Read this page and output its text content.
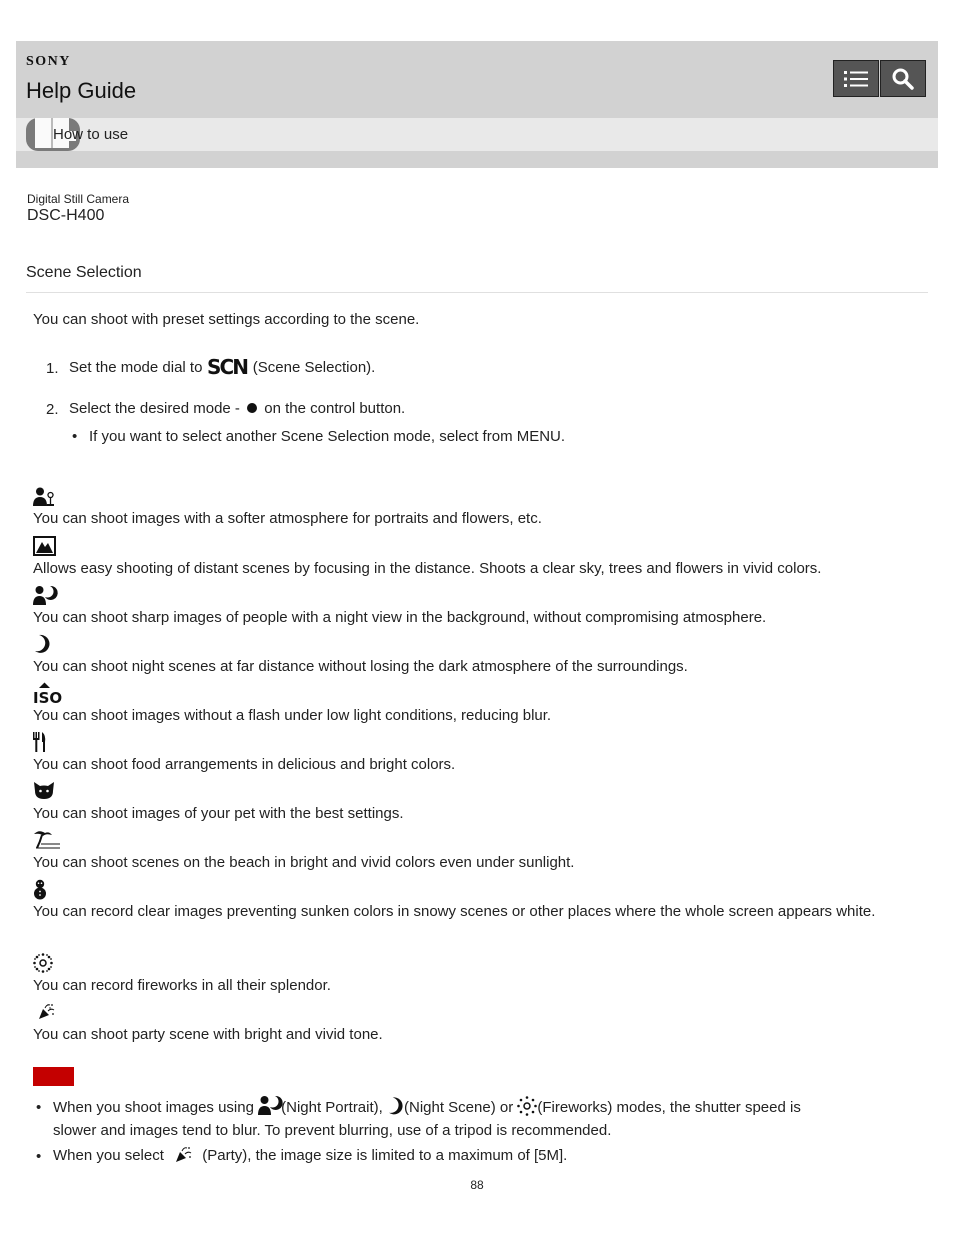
SONY
Help Guide
How to use
Digital Still Camera
DSC-H400
Scene Selection
You can shoot with preset settings according to the scene.
1. Set the mode dial to SCN (Scene Selection).
2. Select the desired mode - on the control button.
• If you want to select another Scene Selection mode, select from MENU.
You can shoot images with a softer atmosphere for portraits and flowers, etc.
Allows easy shooting of distant scenes by focusing in the distance. Shoots a clear sky, trees and flowers in vivid colors.
You can shoot sharp images of people with a night view in the background, without compromising atmosphere.
You can shoot night scenes at far distance without losing the dark atmosphere of the surroundings.
ISO
You can shoot images without a flash under low light conditions, reducing blur.
You can shoot food arrangements in delicious and bright colors.
You can shoot images of your pet with the best settings.
You can shoot scenes on the beach in bright and vivid colors even under sunlight.
You can record clear images preventing sunken colors in snowy scenes or other places where the whole screen appears white.
You can record fireworks in all their splendor.
You can shoot party scene with bright and vivid tone.
• When you shoot images using (Night Portrait), (Night Scene) or (Fireworks) modes, the shutter speed is
slower and images tend to blur. To prevent blurring, use of a tripod is recommended.
• When you select	(Party), the image size is limited to a maximum of [5M].
88
